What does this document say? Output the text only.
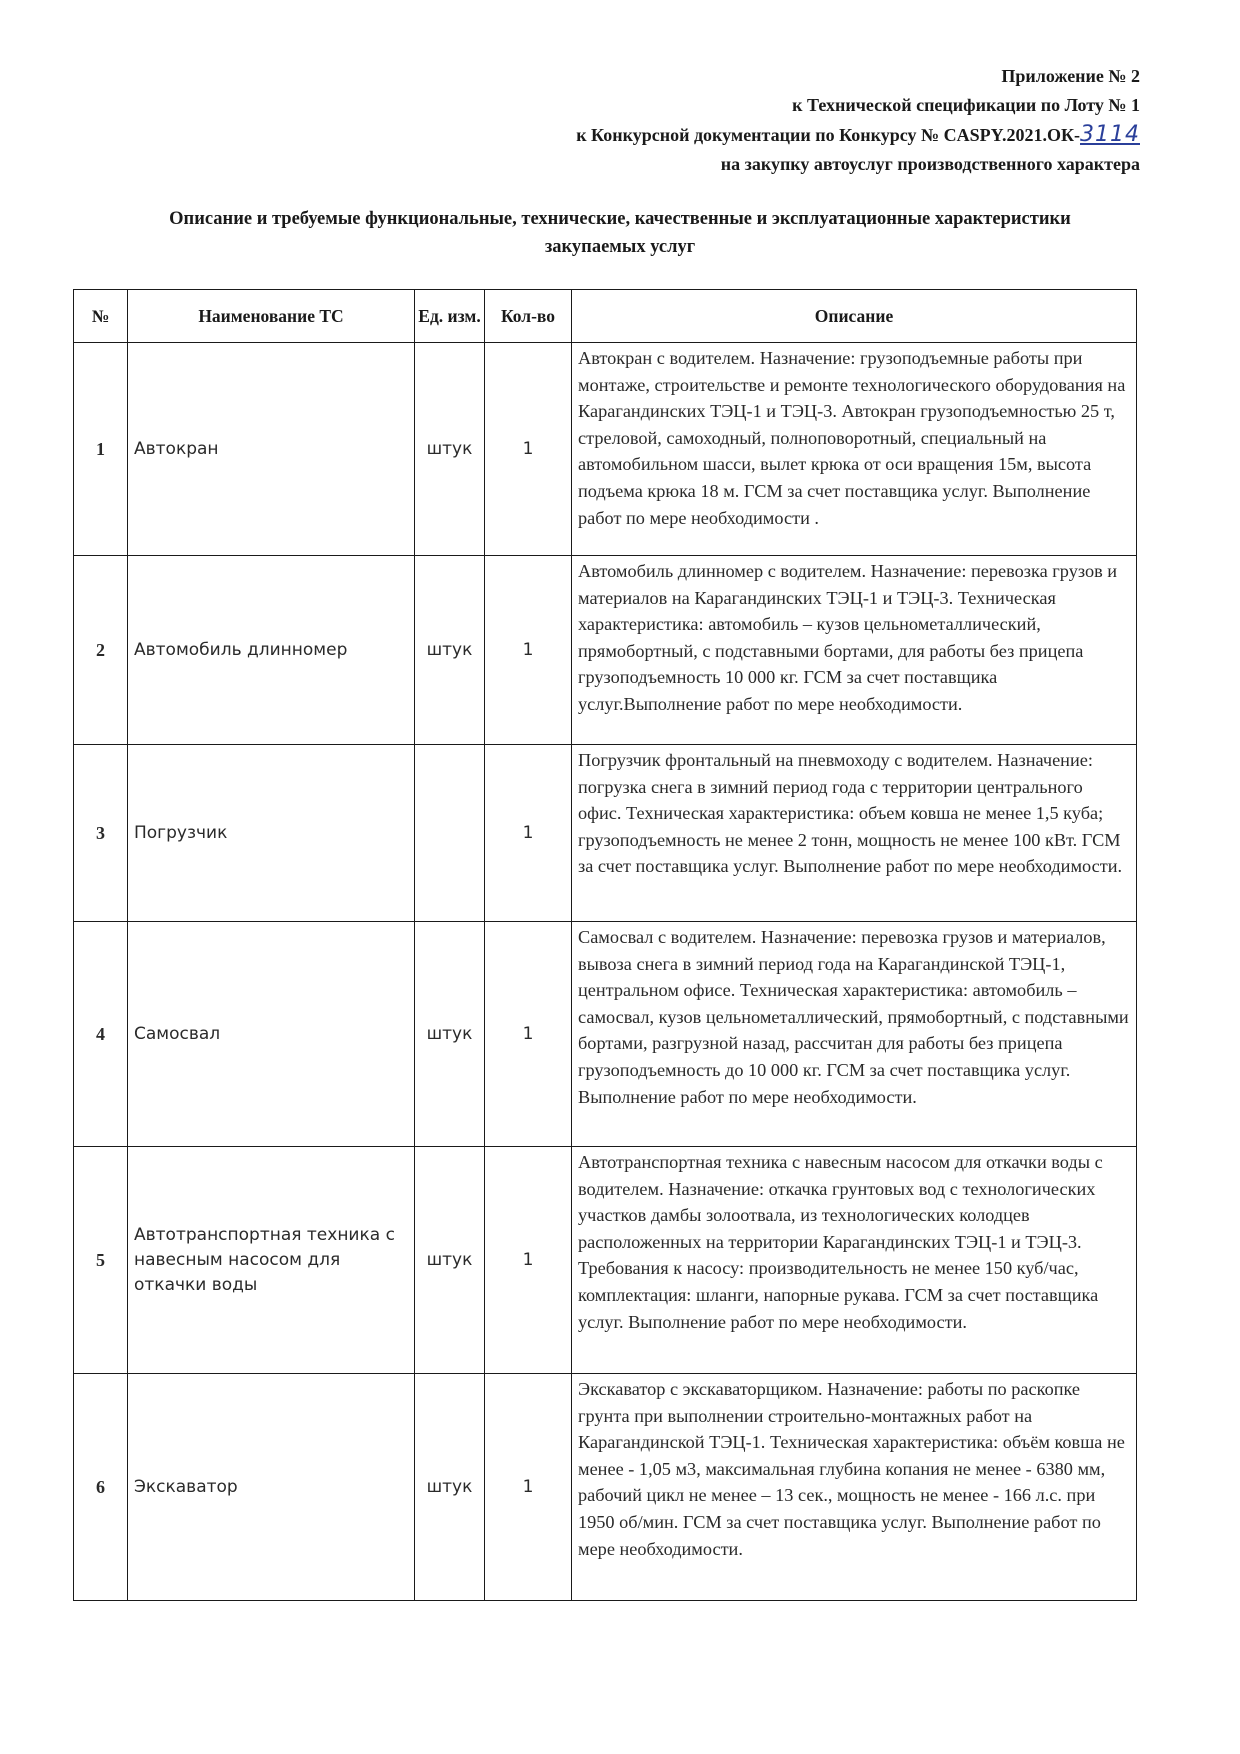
Приложение № 2
к Технической спецификации по Лоту № 1
к Конкурсной документации по Конкурсу № CASPY.2021.ОК-3114
на закупку автоуслуг производственного характера
Описание и требуемые функциональные, технические, качественные и эксплуатационные характеристики
закупаемых услуг
№	Наименование ТС	Ед. изм.	Кол-во	Описание
1	Автокран	штук	1	Автокран с водителем. Назначение: грузоподъемные работы при монтаже, строительстве и ремонте технологического оборудования на Карагандинских ТЭЦ-1 и ТЭЦ-3. Автокран грузоподъемностью 25 т, стреловой, самоходный, полноповоротный, специальный на автомобильном шасси, вылет крюка от оси вращения 15м, высота подъема крюка 18 м. ГСМ за счет поставщика услуг. Выполнение работ по мере необходимости .
2	Автомобиль длинномер	штук	1	Автомобиль длинномер с водителем. Назначение: перевозка грузов и материалов на Карагандинских ТЭЦ-1 и ТЭЦ-3. Техническая характеристика: автомобиль – кузов цельнометаллический, прямобортный, с подставными бортами, для работы без прицепа грузоподъемность 10 000 кг. ГСМ за счет поставщика услуг.Выполнение работ по мере необходимости.
3	Погрузчик		1	Погрузчик фронтальный на пневмоходу с водителем. Назначение: погрузка снега в зимний период года с территории центрального офис. Техническая характеристика: объем ковша не менее 1,5 куба; грузоподъемность не менее 2 тонн, мощность не менее 100 кВт. ГСМ за счет поставщика услуг. Выполнение работ по мере необходимости.
4	Самосвал	штук	1	Самосвал с водителем. Назначение: перевозка грузов и материалов, вывоза снега в зимний период года на Карагандинской ТЭЦ-1, центральном офисе. Техническая характеристика: автомобиль – самосвал, кузов цельнометаллический, прямобортный, с подставными бортами, разгрузной назад, рассчитан для работы без прицепа грузоподъемность до 10 000 кг. ГСМ за счет поставщика услуг. Выполнение работ по мере необходимости.
5	Автотранспортная техника с навесным насосом для откачки воды	штук	1	Автотранспортная техника с навесным насосом для откачки воды с водителем. Назначение: откачка грунтовых вод с технологических участков дамбы золоотвала, из технологических колодцев расположенных на территории Карагандинских ТЭЦ-1 и ТЭЦ-3. Требования к насосу: производительность не менее 150 куб/час, комплектация: шланги, напорные рукава. ГСМ за счет поставщика услуг. Выполнение работ по мере необходимости.
6	Экскаватор	штук	1	Экскаватор с экскаваторщиком. Назначение: работы по раскопке грунта при выполнении строительно-монтажных работ на Карагандинской ТЭЦ-1. Техническая характеристика: объём ковша не менее - 1,05 м3, максимальная глубина копания не менее - 6380 мм, рабочий цикл не менее – 13 сек., мощность не менее - 166 л.с. при 1950 об/мин. ГСМ за счет поставщика услуг. Выполнение работ по мере необходимости.
